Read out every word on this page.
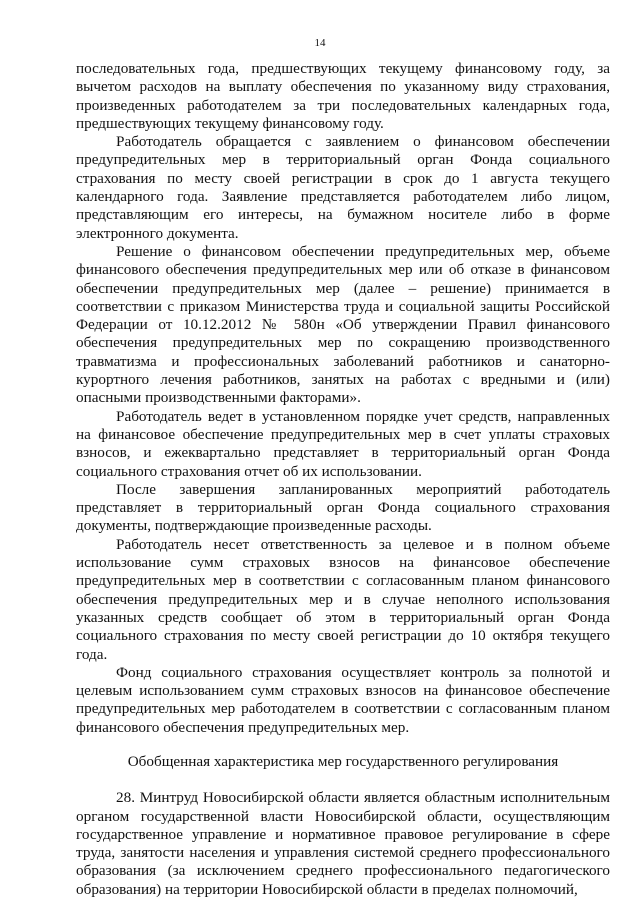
14

последовательных года, предшествующих текущему финансовому году, за вычетом расходов на выплату обеспечения по указанному виду страхования, произведенных работодателем за три последовательных календарных года, предшествующих текущему финансовому году.

Работодатель обращается с заявлением о финансовом обеспечении предупредительных мер в территориальный орган Фонда социального страхования по месту своей регистрации в срок до 1 августа текущего календарного года. Заявление представляется работодателем либо лицом, представляющим его интересы, на бумажном носителе либо в форме электронного документа.

Решение о финансовом обеспечении предупредительных мер, объеме финансового обеспечения предупредительных мер или об отказе в финансовом обеспечении предупредительных мер (далее – решение) принимается в соответствии с приказом Министерства труда и социальной защиты Российской Федерации от 10.12.2012 № 580н «Об утверждении Правил финансового обеспечения предупредительных мер по сокращению производственного травматизма и профессиональных заболеваний работников и санаторно-курортного лечения работников, занятых на работах с вредными и (или) опасными производственными факторами».

Работодатель ведет в установленном порядке учет средств, направленных на финансовое обеспечение предупредительных мер в счет уплаты страховых взносов, и ежеквартально представляет в территориальный орган Фонда социального страхования отчет об их использовании.

После завершения запланированных мероприятий работодатель представляет в территориальный орган Фонда социального страхования документы, подтверждающие произведенные расходы.

Работодатель несет ответственность за целевое и в полном объеме использование сумм страховых взносов на финансовое обеспечение предупредительных мер в соответствии с согласованным планом финансового обеспечения предупредительных мер и в случае неполного использования указанных средств сообщает об этом в территориальный орган Фонда социального страхования по месту своей регистрации до 10 октября текущего года.

Фонд социального страхования осуществляет контроль за полнотой и целевым использованием сумм страховых взносов на финансовое обеспечение предупредительных мер работодателем в соответствии с согласованным планом финансового обеспечения предупредительных мер.

Обобщенная характеристика мер государственного регулирования

28. Минтруд Новосибирской области является областным исполнительным органом государственной власти Новосибирской области, осуществляющим государственное управление и нормативное правовое регулирование в сфере труда, занятости населения и управления системой среднего профессионального образования (за исключением среднего профессионального педагогического образования) на территории Новосибирской области в пределах полномочий,
